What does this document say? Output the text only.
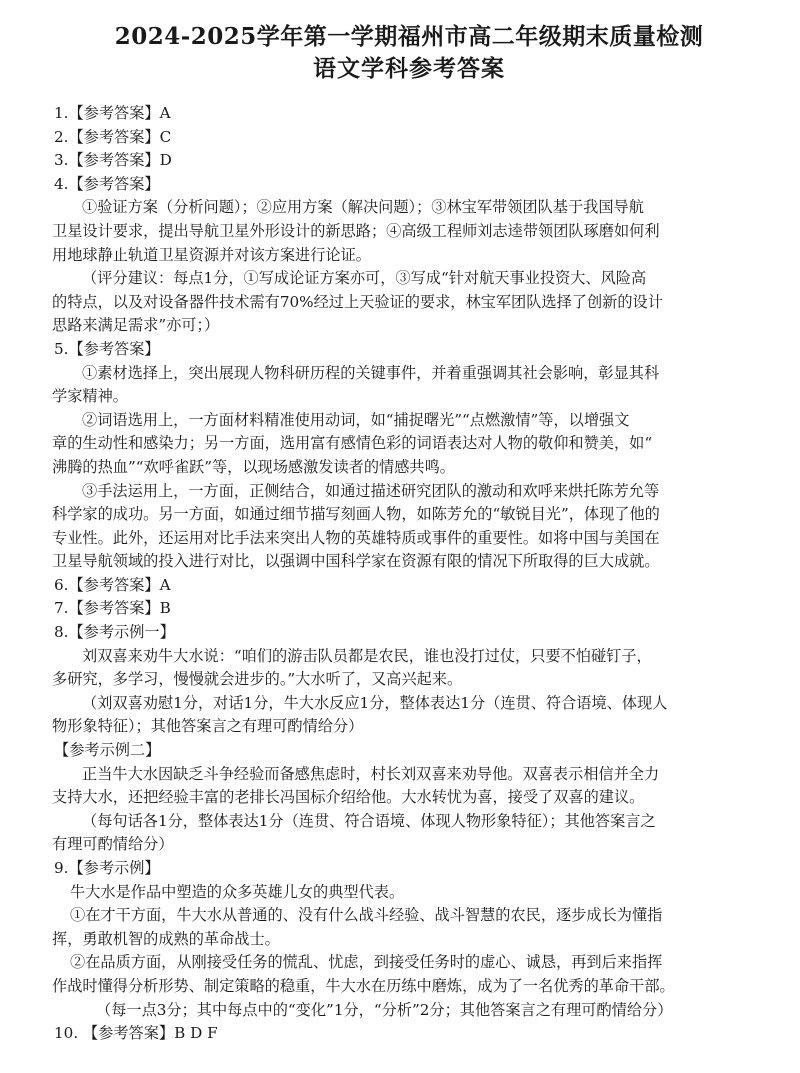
2024-2025学年第一学期福州市高二年级期末质量检测
语文学科参考答案

1.【参考答案】A

2.【参考答案】C

3.【参考答案】D

4.【参考答案】

①验证方案（分析问题）；②应用方案（解决问题）；③林宝军带领团队基于我国导航

卫星设计要求，提出导航卫星外形设计的新思路；④高级工程师刘志逵带领团队琢磨如何利

用地球静止轨道卫星资源并对该方案进行论证。

（评分建议：每点1分，①写成论证方案亦可，③写成“针对航天事业投资大、风险高

的特点，以及对设备器件技术需有70%经过上天验证的要求，林宝军团队选择了创新的设计

思路来满足需求”亦可；）

5.【参考答案】

①素材选择上，突出展现人物科研历程的关键事件，并着重强调其社会影响，彰显其科

学家精神。

②词语选用上，一方面材料精准使用动词，如“捕捉曙光”“点燃激情”等，以增强文

章的生动性和感染力；另一方面，选用富有感情色彩的词语表达对人物的敬仰和赞美，如“

沸腾的热血”“欢呼雀跃”等，以现场感激发读者的情感共鸣。

③手法运用上，一方面，正侧结合，如通过描述研究团队的激动和欢呼来烘托陈芳允等

科学家的成功。另一方面，如通过细节描写刻画人物，如陈芳允的“敏锐目光”，体现了他的

专业性。此外，还运用对比手法来突出人物的英雄特质或事件的重要性。如将中国与美国在

卫星导航领域的投入进行对比，以强调中国科学家在资源有限的情况下所取得的巨大成就。

6.【参考答案】A

7.【参考答案】B

8.【参考示例一】

刘双喜来劝牛大水说：“咱们的游击队员都是农民，谁也没打过仗，只要不怕碰钉子，

多研究，多学习，慢慢就会进步的。”大水听了，又高兴起来。

（刘双喜劝慰1分，对话1分，牛大水反应1分，整体表达1分（连贯、符合语境、体现人

物形象特征）；其他答案言之有理可酌情给分）

【参考示例二】

正当牛大水因缺乏斗争经验而备感焦虑时，村长刘双喜来劝导他。双喜表示相信并全力

支持大水，还把经验丰富的老排长冯国标介绍给他。大水转忧为喜，接受了双喜的建议。

（每句话各1分，整体表达1分（连贯、符合语境、体现人物形象特征）；其他答案言之

有理可酌情给分）

9.【参考示例】

牛大水是作品中塑造的众多英雄儿女的典型代表。

①在才干方面，牛大水从普通的、没有什么战斗经验、战斗智慧的农民，逐步成长为懂指

挥，勇敢机智的成熟的革命战士。

②在品质方面，从刚接受任务的慌乱、忧虑，到接受任务时的虚心、诚恳，再到后来指挥

作战时懂得分析形势、制定策略的稳重，牛大水在历练中磨炼，成为了一名优秀的革命干部。

（每一点3分；其中每点中的“变化”1分，“分析”2分；其他答案言之有理可酌情给分）

10. 【参考答案】B D F
